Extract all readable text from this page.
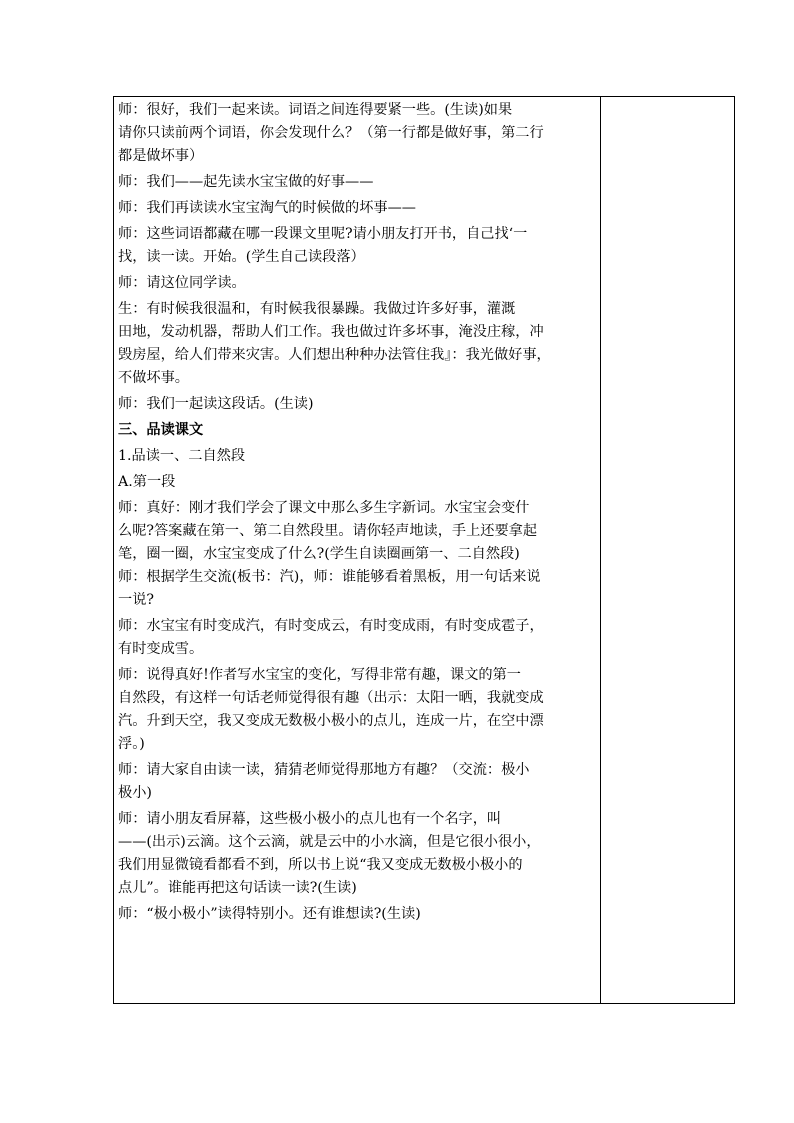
师：很好，我们一起来读。词语之间连得要紧一些。(生读)如果
请你只读前两个词语，你会发现什么？（第一行都是做好事，第二行
都是做坏事）
师：我们——起先读水宝宝做的好事——
师：我们再读读水宝宝淘气的时候做的坏事——
师：这些词语都藏在哪一段课文里呢?请小朋友打开书，自己找‘一
找，读一读。开始。(学生自己读段落）
师：请这位同学读。
生：有时候我很温和，有时候我很暴躁。我做过许多好事，灌溉
田地，发动机器，帮助人们工作。我也做过许多坏事，淹没庄稼，冲
毁房屋，给人们带来灾害。人们想出种种办法管住我』：我光做好事，
不做坏事。
师：我们一起读这段话。(生读)
三、品读课文
1.品读一、二自然段
A.第一段
师：真好：刚才我们学会了课文中那么多生字新词。水宝宝会变什
么呢?答案藏在第一、第二自然段里。请你轻声地读，手上还要拿起
笔，圈一圈，水宝宝变成了什么?(学生自读圈画第一、二自然段)
师：根据学生交流(板书：汽)，师：谁能够看着黑板，用一句话来说
一说?
师：水宝宝有时变成汽，有时变成云，有时变成雨，有时变成雹子，
有时变成雪。
师：说得真好!作者写水宝宝的变化，写得非常有趣，课文的第一
自然段，有这样一句话老师觉得很有趣（出示：太阳一晒，我就变成
汽。升到天空，我又变成无数极小极小的点儿，连成一片，在空中漂
浮。)
师：请大家自由读一读，猜猜老师觉得那地方有趣？（交流：极小
极小)
师：请小朋友看屏幕，这些极小极小的点儿也有一个名字，叫
——(出示)云滴。这个云滴，就是云中的小水滴，但是它很小很小，
我们用显微镜看都看不到，所以书上说“我又变成无数极小极小的
点儿”。谁能再把这句话读一读?(生读)
师：“极小极小”读得特别小。还有谁想读?(生读)
